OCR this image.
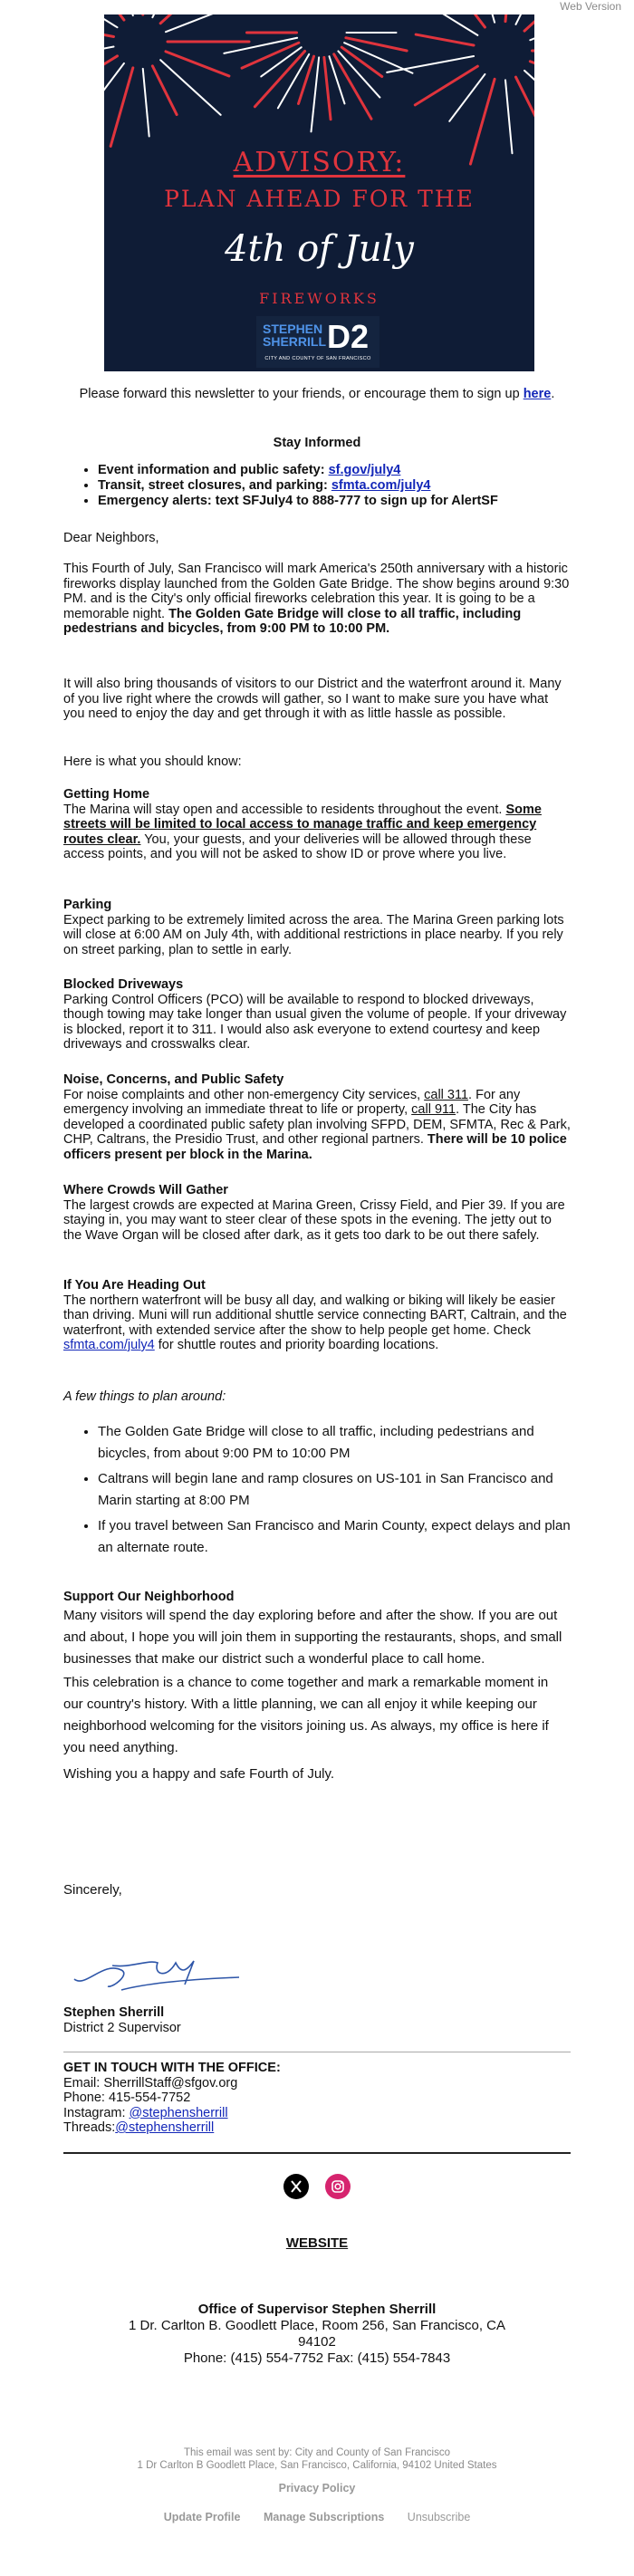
Web Version
ADVISORY:
PLAN AHEAD FOR THE
4th of July
FIREWORKS
STEPHEN
SHERRILL D2
CITY AND COUNTY OF SAN FRANCISCO
Please forward this newsletter to your friends, or encourage them to sign up here.
Stay Informed
• Event information and public safety: sf.gov/july4
• Transit, street closures, and parking: sfmta.com/july4
• Emergency alerts: text SFJuly4 to 888-777 to sign up for AlertSF

Dear Neighbors,

This Fourth of July, San Francisco will mark America's 250th anniversary with a historic fireworks display launched from the Golden Gate Bridge. The show begins around 9:30 PM. and is the City's only official fireworks celebration this year. It is going to be a memorable night. The Golden Gate Bridge will close to all traffic, including pedestrians and bicycles, from 9:00 PM to 10:00 PM.

It will also bring thousands of visitors to our District and the waterfront around it. Many of you live right where the crowds will gather, so I want to make sure you have what you need to enjoy the day and get through it with as little hassle as possible.

Here is what you should know:

Getting Home

The Marina will stay open and accessible to residents throughout the event. Some streets will be limited to local access to manage traffic and keep emergency routes clear. You, your guests, and your deliveries will be allowed through these access points, and you will not be asked to show ID or prove where you live.

Parking

Expect parking to be extremely limited across the area. The Marina Green parking lots will close at 6:00 AM on July 4th, with additional restrictions in place nearby. If you rely on street parking, plan to settle in early.

Blocked Driveways

Parking Control Officers (PCO) will be available to respond to blocked driveways, though towing may take longer than usual given the volume of people. If your driveway is blocked, report it to 311. I would also ask everyone to extend courtesy and keep driveways and crosswalks clear.

Noise, Concerns, and Public Safety

For noise complaints and other non-emergency City services, call 311. For any emergency involving an immediate threat to life or property, call 911. The City has developed a coordinated public safety plan involving SFPD, DEM, SFMTA, Rec & Park, CHP, Caltrans, the Presidio Trust, and other regional partners. There will be 10 police officers present per block in the Marina.

Where Crowds Will Gather

The largest crowds are expected at Marina Green, Crissy Field, and Pier 39. If you are staying in, you may want to steer clear of these spots in the evening. The jetty out to the Wave Organ will be closed after dark, as it gets too dark to be out there safely.

If You Are Heading Out

The northern waterfront will be busy all day, and walking or biking will likely be easier than driving. Muni will run additional shuttle service connecting BART, Caltrain, and the waterfront, with extended service after the show to help people get home. Check sfmta.com/july4 for shuttle routes and priority boarding locations.

A few things to plan around:

• The Golden Gate Bridge will close to all traffic, including pedestrians and bicycles, from about 9:00 PM to 10:00 PM
• Caltrans will begin lane and ramp closures on US-101 in San Francisco and Marin starting at 8:00 PM
• If you travel between San Francisco and Marin County, expect delays and plan an alternate route.
Support Our Neighborhood

Many visitors will spend the day exploring before and after the show. If you are out and about, I hope you will join them in supporting the restaurants, shops, and small businesses that make our district such a wonderful place to call home.

This celebration is a chance to come together and mark a remarkable moment in our country's history. With a little planning, we can all enjoy it while keeping our neighborhood welcoming for the visitors joining us. As always, my office is here if you need anything.

Wishing you a happy and safe Fourth of July.

Sincerely,

Stephen Sherrill

District 2 Supervisor

GET IN TOUCH WITH THE OFFICE:

Email: SherrillStaff@sfgov.org

Phone: 415-554-7752

Instagram: @stephensherrill

Threads:@stephensherrill

WEBSITE

Office of Supervisor Stephen Sherrill

1 Dr. Carlton B. Goodlett Place, Room 256, San Francisco, CA 94102

Phone: (415) 554-7752 Fax: (415) 554-7843

This email was sent by: City and County of San Francisco
1 Dr Carlton B Goodlett Place, San Francisco, California, 94102 United States
Privacy Policy
Update Profile Manage Subscriptions Unsubscribe
